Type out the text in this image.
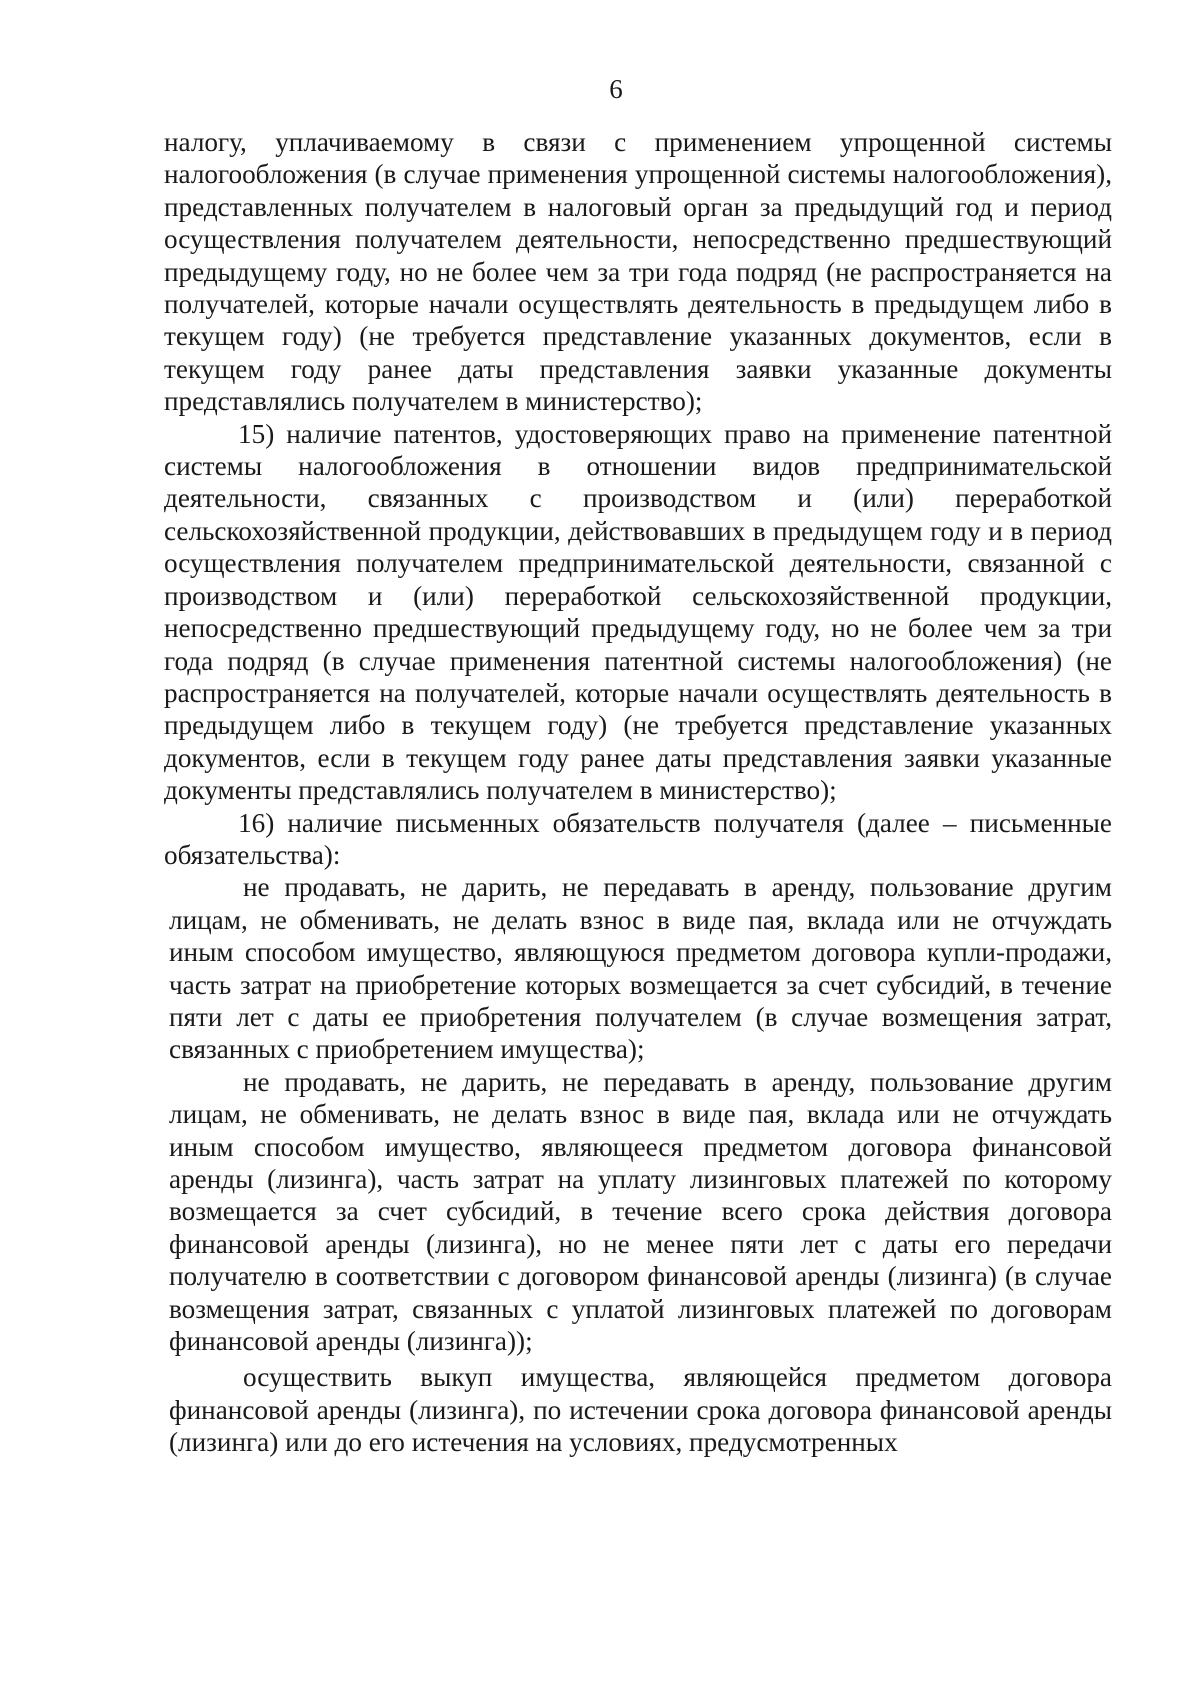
6

налогу, уплачиваемому в связи с применением упрощенной системы налогообложения (в случае применения упрощенной системы налогообложения), представленных получателем в налоговый орган за предыдущий год и период осуществления получателем деятельности, непосредственно предшествующий предыдущему году, но не более чем за три года подряд (не распространяется на получателей, которые начали осуществлять деятельность в предыдущем либо в текущем году) (не требуется представление указанных документов, если в текущем году ранее даты представления заявки указанные документы представлялись получателем в министерство);

15) наличие патентов, удостоверяющих право на применение патентной системы налогообложения в отношении видов предпринимательской деятельности, связанных с производством и (или) переработкой сельскохозяйственной продукции, действовавших в предыдущем году и в период осуществления получателем предпринимательской деятельности, связанной с производством и (или) переработкой сельскохозяйственной продукции, непосредственно предшествующий предыдущему году, но не более чем за три года подряд (в случае применения патентной системы налогообложения) (не распространяется на получателей, которые начали осуществлять деятельность в предыдущем либо в текущем году) (не требуется представление указанных документов, если в текущем году ранее даты представления заявки указанные документы представлялись получателем в министерство);

16) наличие письменных обязательств получателя (далее – письменные обязательства):

не продавать, не дарить, не передавать в аренду, пользование другим лицам, не обменивать, не делать взнос в виде пая, вклада или не отчуждать иным способом имущество, являющуюся предметом договора купли-продажи, часть затрат на приобретение которых возмещается за счет субсидий, в течение пяти лет с даты ее приобретения получателем (в случае возмещения затрат, связанных с приобретением имущества);

не продавать, не дарить, не передавать в аренду, пользование другим лицам, не обменивать, не делать взнос в виде пая, вклада или не отчуждать иным способом имущество, являющееся предметом договора финансовой аренды (лизинга), часть затрат на уплату лизинговых платежей по которому возмещается за счет субсидий, в течение всего срока действия договора финансовой аренды (лизинга), но не менее пяти лет с даты его передачи получателю в соответствии с договором финансовой аренды (лизинга) (в случае возмещения затрат, связанных с уплатой лизинговых платежей по договорам финансовой аренды (лизинга));

осуществить выкуп имущества, являющейся предметом договора финансовой аренды (лизинга), по истечении срока договора финансовой аренды (лизинга) или до его истечения на условиях, предусмотренных
